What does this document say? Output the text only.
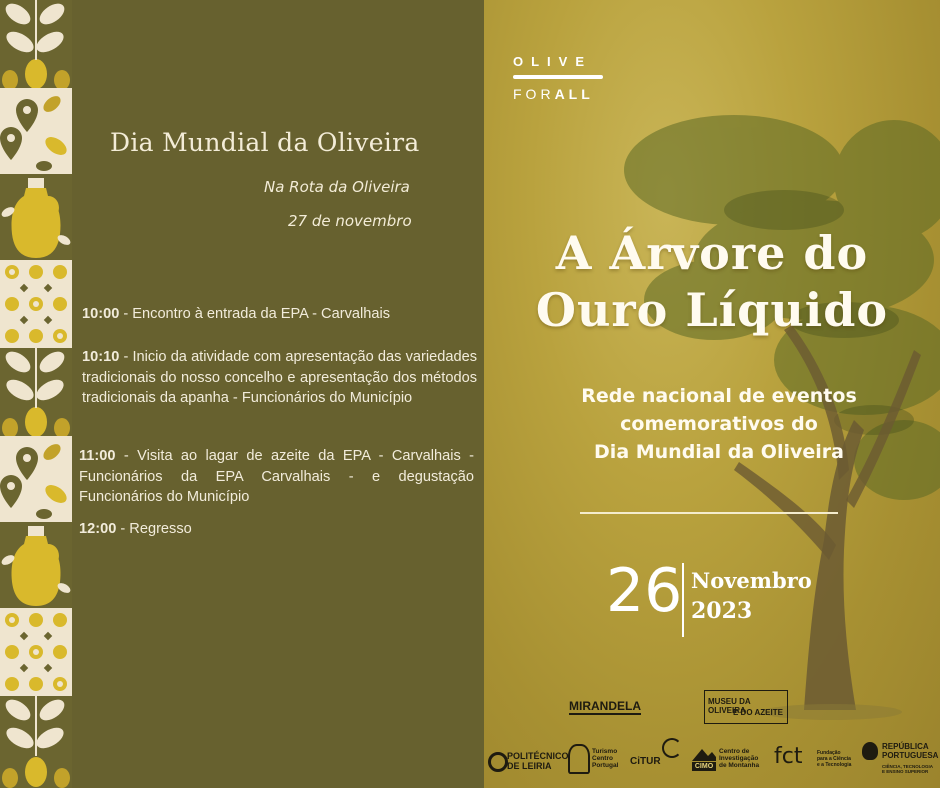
Dia Mundial da Oliveira
Na Rota da Oliveira
27 de novembro
10:00 - Encontro à entrada da EPA - Carvalhais
10:10 - Inicio da atividade com apresentação das variedades tradicionais do nosso concelho e apresentação dos métodos tradicionais da apanha - Funcionários do Município
11:00 - Visita ao lagar de azeite da EPA - Carvalhais - Funcionários da EPA Carvalhais - e degustação Funcionários do Município
12:00 - Regresso
OLIVE
FORALL
A Árvore do
Ouro Líquido
Rede nacional de eventos
comemorativos do
Dia Mundial da Oliveira
26 Novembro
2023
MIRANDELA	MUSEU DA OLIVEIRA
E DO AZEITE
POLITÉCNICO
DE LEIRIA
Turismo
Centro
Portugal CiTUR	CIMO
Centro de
Investigação
de Montanha fct	Fundação
para a Ciência
e a Tecnologia
REPÚBLICA
PORTUGUESA
CIÊNCIA, TECNOLOGIA
E ENSINO SUPERIOR
